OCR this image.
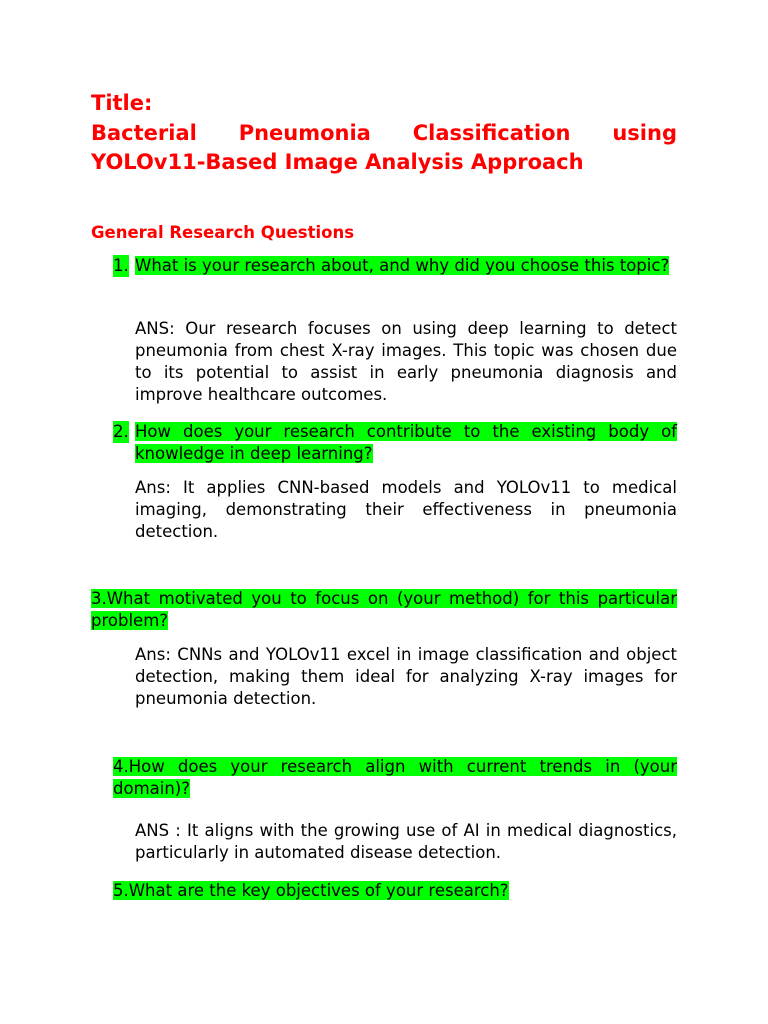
Title:
Bacterial Pneumonia Classification using YOLOv11-Based Image Analysis Approach
General Research Questions
1. What is your research about, and why did you choose this topic?
ANS: Our research focuses on using deep learning to detect pneumonia from chest X-ray images. This topic was chosen due to its potential to assist in early pneumonia diagnosis and improve healthcare outcomes.
2. How does your research contribute to the existing body of knowledge in deep learning?
Ans: It applies CNN-based models and YOLOv11 to medical imaging, demonstrating their effectiveness in pneumonia detection.
3.What motivated you to focus on (your method) for this particular problem?
Ans: CNNs and YOLOv11 excel in image classification and object detection, making them ideal for analyzing X-ray images for pneumonia detection.
4.How does your research align with current trends in (your domain)?
ANS : It aligns with the growing use of AI in medical diagnostics, particularly in automated disease detection.
5.What are the key objectives of your research?
